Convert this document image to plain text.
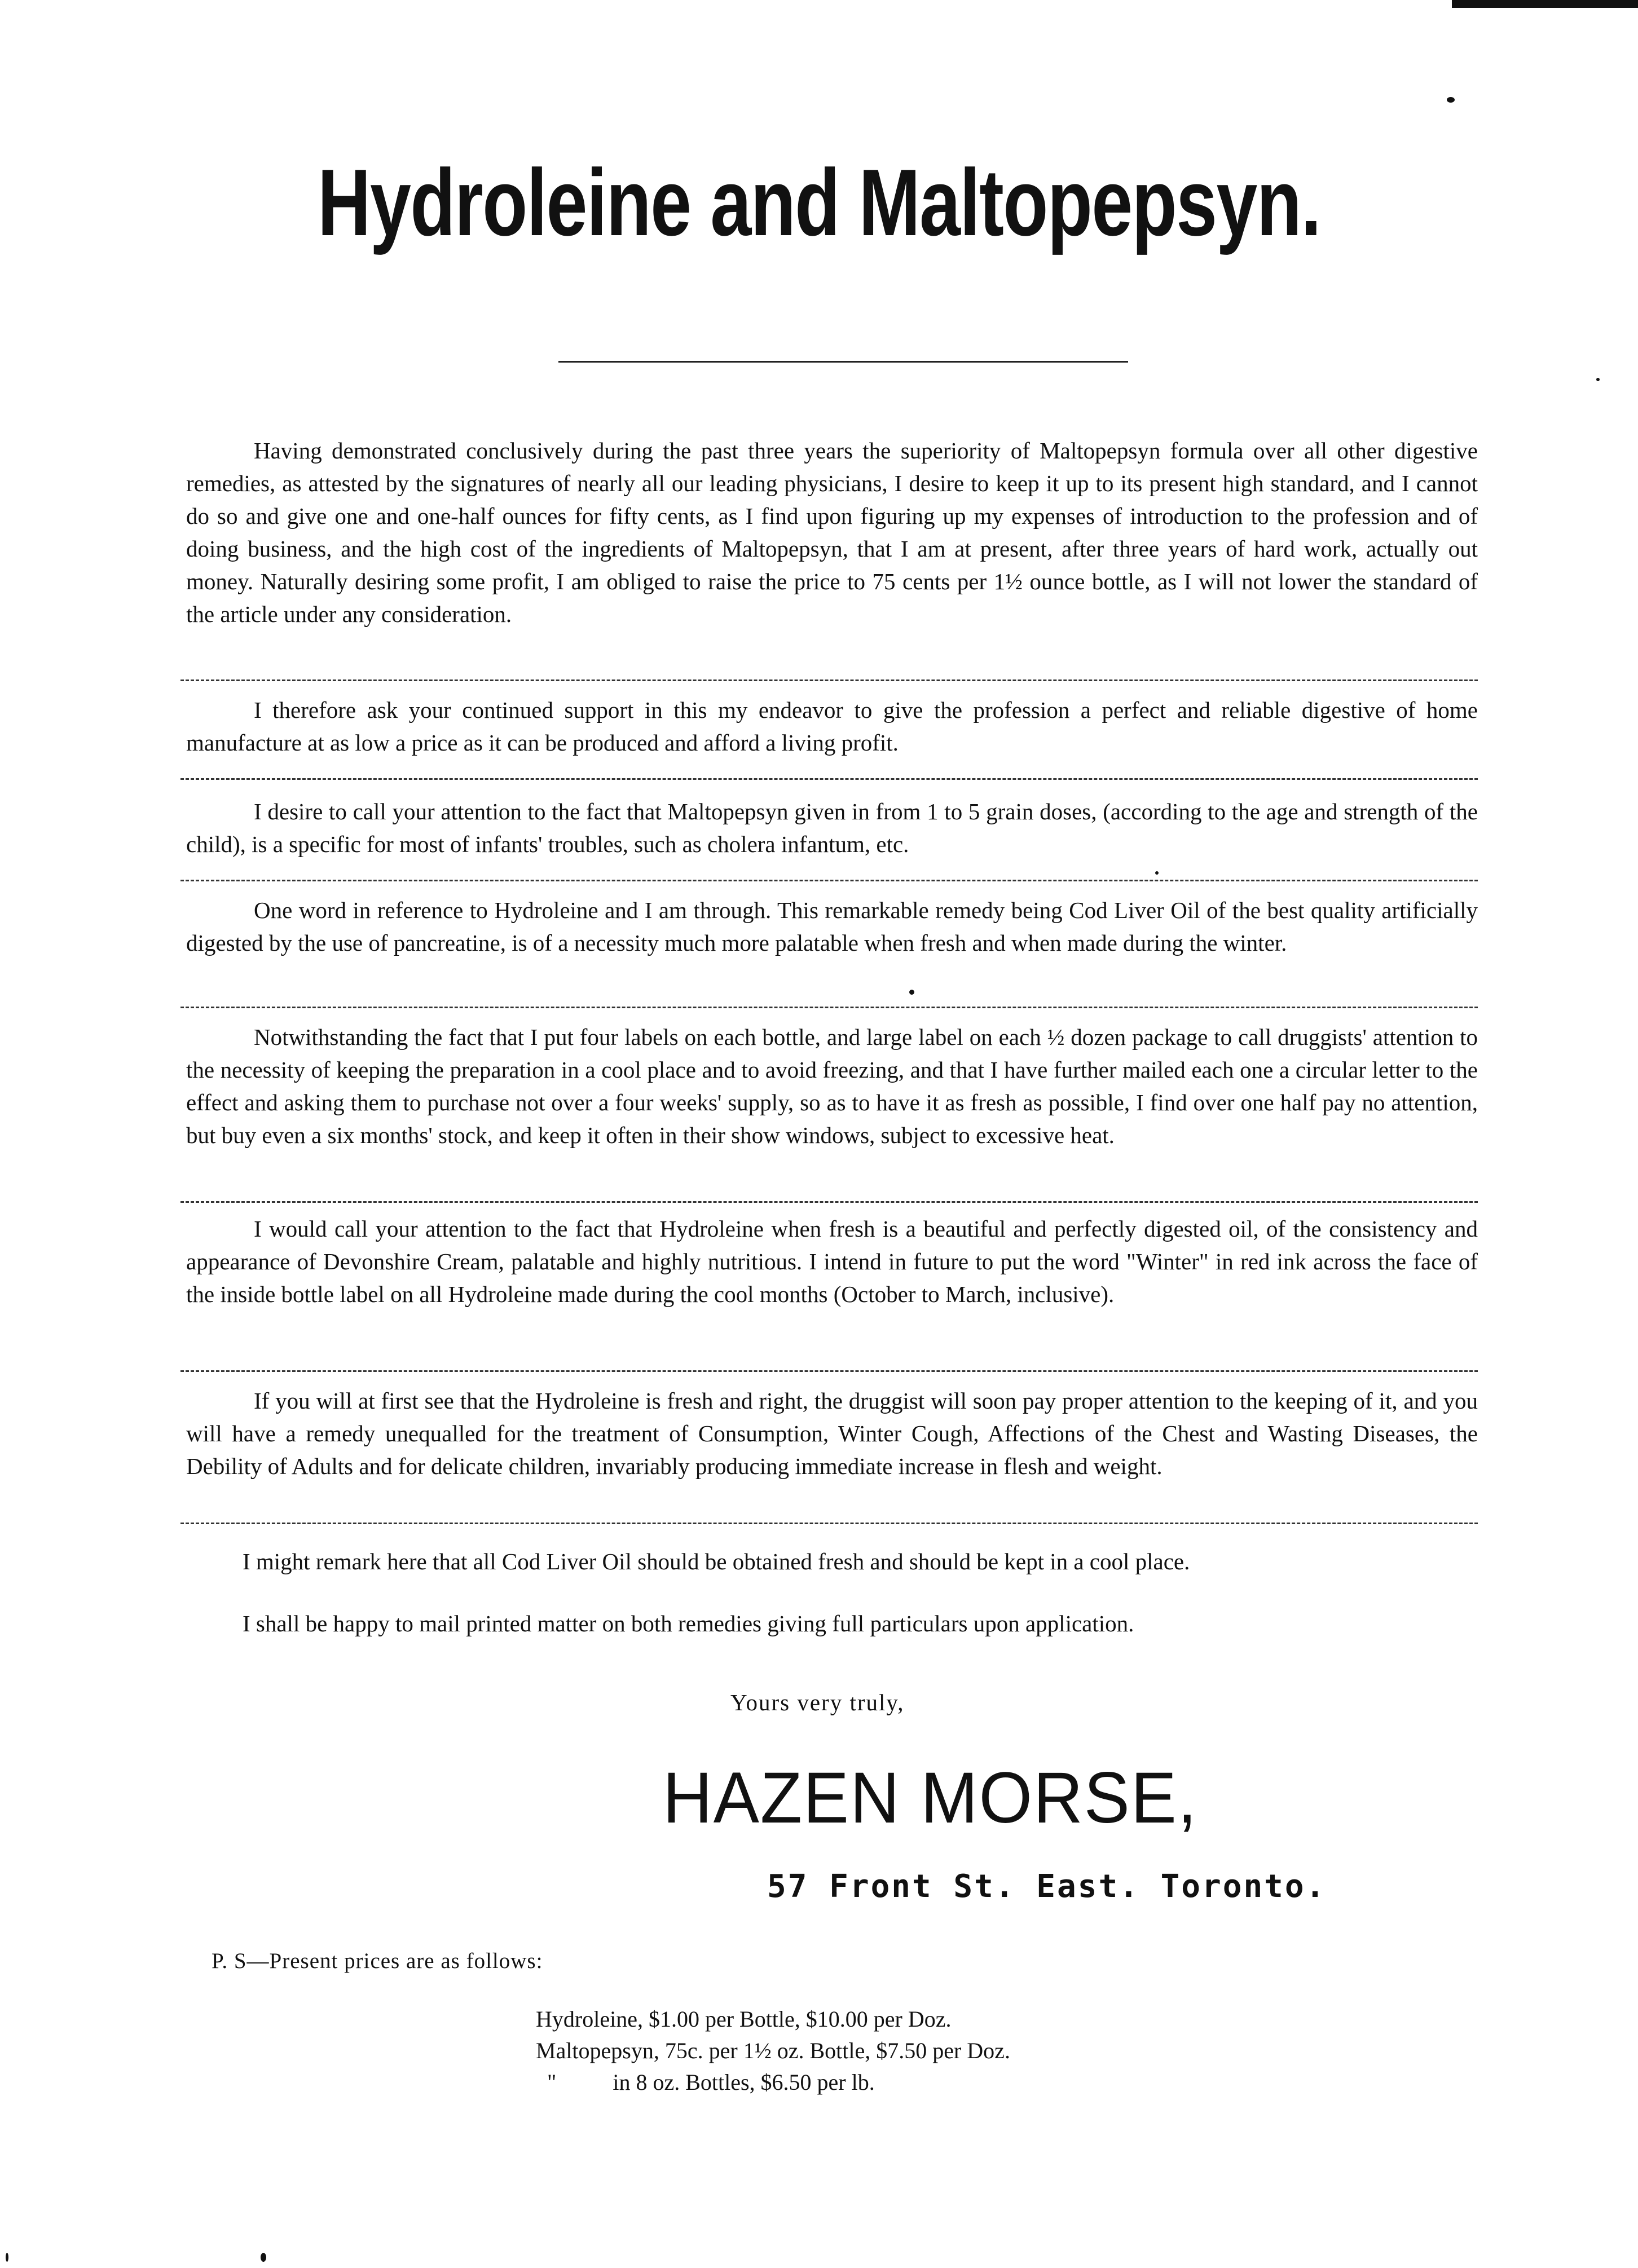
Hydroleine and Maltopepsyn.

Having demonstrated conclusively during the past three years the superiority of Maltopepsyn formula over all other digestive remedies, as attested by the signatures of nearly all our leading physicians, I desire to keep it up to its present high standard, and I cannot do so and give one and one-half ounces for fifty cents, as I find upon figuring up my expenses of introduction to the profession and of doing business, and the high cost of the ingredients of Maltopepsyn, that I am at present, after three years of hard work, actually out money. Naturally desiring some profit, I am obliged to raise the price to 75 cents per 1½ ounce bottle, as I will not lower the standard of the article under any consideration.

I therefore ask your continued support in this my endeavor to give the profession a perfect and reliable digestive of home manufacture at as low a price as it can be produced and afford a living profit.

I desire to call your attention to the fact that Maltopepsyn given in from 1 to 5 grain doses, (according to the age and strength of the child), is a specific for most of infants' troubles, such as cholera infantum, etc.

One word in reference to Hydroleine and I am through. This remarkable remedy being Cod Liver Oil of the best quality artificially digested by the use of pancreatine, is of a necessity much more palatable when fresh and when made during the winter.

Notwithstanding the fact that I put four labels on each bottle, and large label on each ½ dozen package to call druggists' attention to the necessity of keeping the preparation in a cool place and to avoid freezing, and that I have further mailed each one a circular letter to the effect and asking them to purchase not over a four weeks' supply, so as to have it as fresh as possible, I find over one half pay no attention, but buy even a six months' stock, and keep it often in their show windows, subject to excessive heat.

I would call your attention to the fact that Hydroleine when fresh is a beautiful and perfectly digested oil, of the consistency and appearance of Devonshire Cream, palatable and highly nutritious. I intend in future to put the word "Winter" in red ink across the face of the inside bottle label on all Hydroleine made during the cool months (October to March, inclusive).

If you will at first see that the Hydroleine is fresh and right, the druggist will soon pay proper attention to the keeping of it, and you will have a remedy unequalled for the treatment of Consumption, Winter Cough, Affections of the Chest and Wasting Diseases, the Debility of Adults and for delicate children, invariably producing immediate increase in flesh and weight.

I might remark here that all Cod Liver Oil should be obtained fresh and should be kept in a cool place.

I shall be happy to mail printed matter on both remedies giving full particulars upon application.

Yours very truly,
HAZEN MORSE,
57 Front St. East. Toronto.
P. S—Present prices are as follows:
Hydroleine, $1.00 per Bottle, $10.00 per Doz.
Maltopepsyn, 75c. per 1½ oz. Bottle, $7.50 per Doz.
"          in 8 oz. Bottles, $6.50 per lb.
